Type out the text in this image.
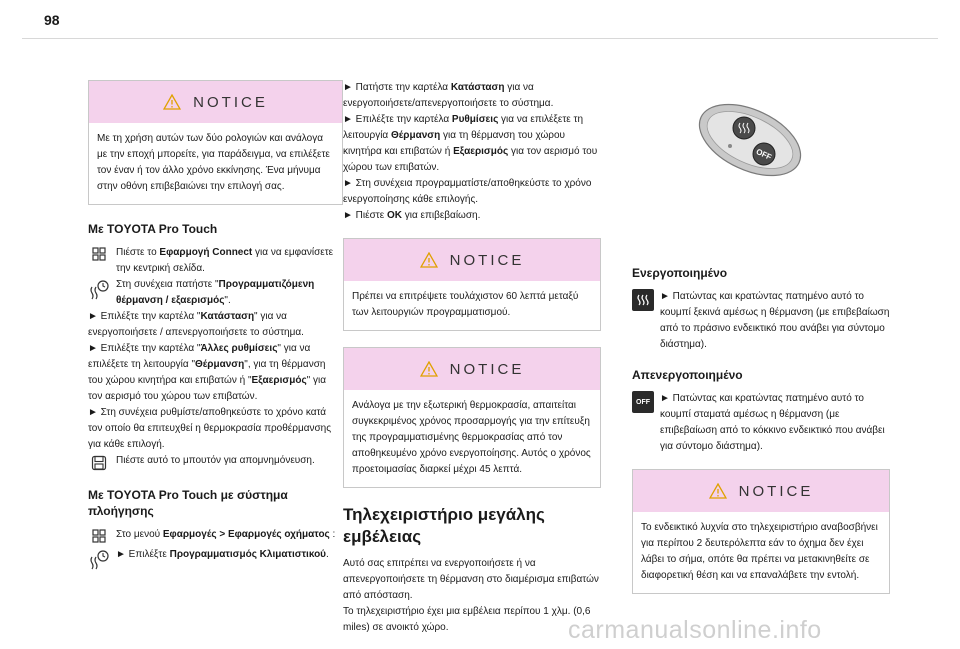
98
NOTICE
Με τη χρήση αυτών των δύο ρολογιών και ανάλογα με την εποχή μπορείτε, για παράδειγμα, να επιλέξετε τον έναν ή τον άλλο χρόνο εκκίνησης. Ένα μήνυμα στην οθόνη επιβεβαιώνει την επιλογή σας.
Με TOYOTA Pro Touch

Πιέστε το Εφαρμογή Connect για να εμφανίσετε την κεντρική σελίδα.

Στη συνέχεια πατήστε "Προγραμματιζόμενη θέρμανση / εξαερισμός".

► Επιλέξτε την καρτέλα "Κατάσταση" για να ενεργοποιήσετε / απενεργοποιήσετε το σύστημα.

► Επιλέξτε την καρτέλα "Άλλες ρυθμίσεις" για να επιλέξετε τη λειτουργία "Θέρμανση", για τη θέρμανση του χώρου κινητήρα και επιβατών ή "Εξαερισμός" για τον αερισμό του χώρου των επιβατών.

► Στη συνέχεια ρυθμίστε/αποθηκεύστε το χρόνο κατά τον οποίο θα επιτευχθεί η θερμοκρασία προθέρμανσης για κάθε επιλογή.

Πιέστε αυτό το μπουτόν για απομνημόνευση.

Με TOYOTA Pro Touch με σύστημα πλοήγησης

Στο μενού Εφαρμογές > Εφαρμογές οχήματος :

► Επιλέξτε Προγραμματισμός Κλιματιστικού.

► Πατήστε την καρτέλα Κατάσταση για να ενεργοποιήσετε/απενεργοποιήσετε το σύστημα.

► Επιλέξτε την καρτέλα Ρυθμίσεις για να επιλέξετε τη λειτουργία Θέρμανση για τη θέρμανση του χώρου κινητήρα και επιβατών ή Εξαερισμός για τον αερισμό του χώρου των επιβατών.

► Στη συνέχεια προγραμματίστε/αποθηκεύστε το χρόνο ενεργοποίησης κάθε επιλογής.

► Πιέστε OK για επιβεβαίωση.

NOTICE
Πρέπει να επιτρέψετε τουλάχιστον 60 λεπτά μεταξύ των λειτουργιών προγραμματισμού.
NOTICE
Ανάλογα με την εξωτερική θερμοκρασία, απαιτείται συγκεκριμένος χρόνος προσαρμογής για την επίτευξη της προγραμματισμένης θερμοκρασίας από τον αποθηκευμένο χρόνο ενεργοποίησης. Αυτός ο χρόνος προετοιμασίας διαρκεί μέχρι 45 λεπτά.
Τηλεχειριστήριο μεγάλης εμβέλειας

Αυτό σας επιτρέπει να ενεργοποιήσετε ή να απενεργοποιήσετε τη θέρμανση στο διαμέρισμα επιβατών από απόσταση.

Το τηλεχειριστήριο έχει μια εμβέλεια περίπου 1 χλμ. (0,6 miles) σε ανοικτό χώρο.

OFF
Ενεργοποιημένο

► Πατώντας και κρατώντας πατημένο αυτό το κουμπί ξεκινά αμέσως η θέρμανση (με επιβεβαίωση από το πράσινο ενδεικτικό που ανάβει για σύντομο διάστημα).

Απενεργοποιημένο
OFF	► Πατώντας και κρατώντας πατημένο αυτό το κουμπί σταματά αμέσως η θέρμανση (με επιβεβαίωση από το κόκκινο ενδεικτικό που ανάβει για σύντομο διάστημα).

NOTICE
Το ενδεικτικό λυχνία στο τηλεχειριστήριο αναβοσβήνει για περίπου 2 δευτερόλεπτα εάν το όχημα δεν έχει λάβει το σήμα, οπότε θα πρέπει να μετακινηθείτε σε διαφορετική θέση και να επαναλάβετε την εντολή.
carmanualsonline.info
